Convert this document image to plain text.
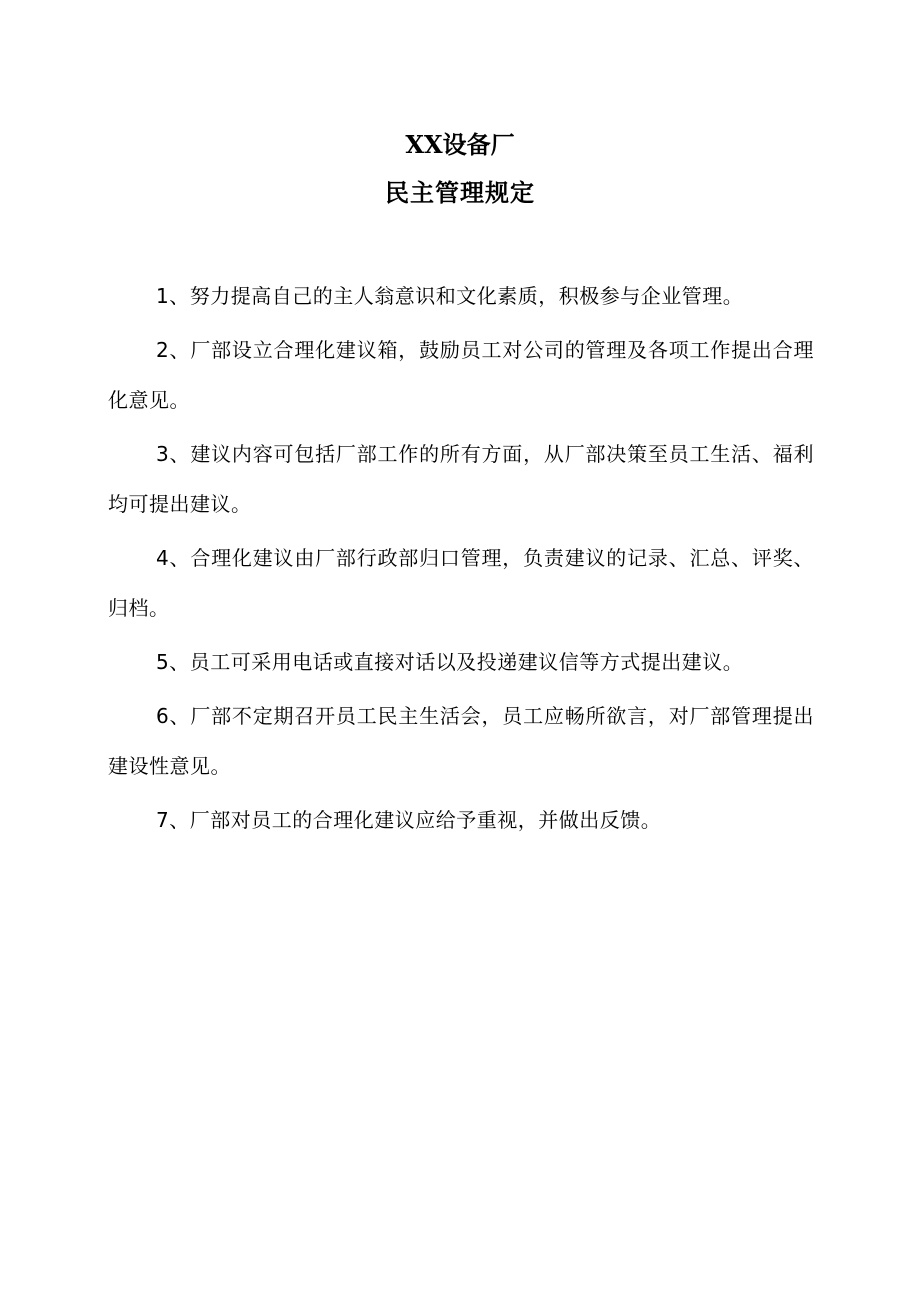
XX设备厂
民主管理规定

1、努力提高自己的主人翁意识和文化素质，积极参与企业管理。

2、厂部设立合理化建议箱，鼓励员工对公司的管理及各项工作提出合理化意见。

3、建议内容可包括厂部工作的所有方面，从厂部决策至员工生活、福利均可提出建议。

4、合理化建议由厂部行政部归口管理，负责建议的记录、汇总、评奖、归档。

5、员工可采用电话或直接对话以及投递建议信等方式提出建议。

6、厂部不定期召开员工民主生活会，员工应畅所欲言，对厂部管理提出建设性意见。

7、厂部对员工的合理化建议应给予重视，并做出反馈。
